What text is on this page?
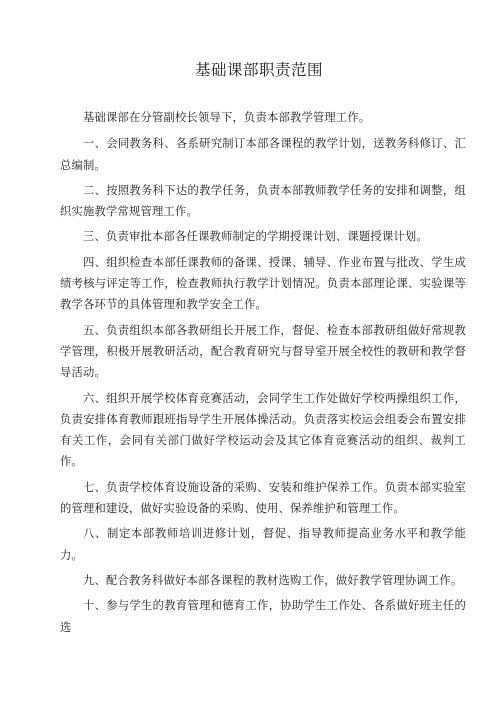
基础课部职责范围

基础课部在分管副校长领导下，负责本部教学管理工作。

一、会同教务科、各系研究制订本部各课程的教学计划，送教务科修订、汇总编制。

二、按照教务科下达的教学任务，负责本部教师教学任务的安排和调整，组织实施教学常规管理工作。

三、负责审批本部各任课教师制定的学期授课计划、课题授课计划。

四、组织检查本部任课教师的备课、授课、辅导、作业布置与批改、学生成绩考核与评定等工作，检查教师执行教学计划情况。负责本部理论课、实验课等教学各环节的具体管理和教学安全工作。

五、负责组织本部各教研组长开展工作，督促、检查本部教研组做好常规教学管理，积极开展教研活动，配合教育研究与督导室开展全校性的教研和教学督导活动。

六、组织开展学校体育竞赛活动，会同学生工作处做好学校两操组织工作，负责安排体育教师跟班指导学生开展体操活动。负责落实校运会组委会布置安排有关工作，会同有关部门做好学校运动会及其它体育竞赛活动的组织、裁判工作。

七、负责学校体育设施设备的采购、安装和维护保养工作。负责本部实验室的管理和建设，做好实验设备的采购、使用、保养维护和管理工作。

八、制定本部教师培训进修计划，督促、指导教师提高业务水平和教学能力。

九、配合教务科做好本部各课程的教材选购工作，做好教学管理协调工作。

十、参与学生的教育管理和德育工作，协助学生工作处、各系做好班主任的选
